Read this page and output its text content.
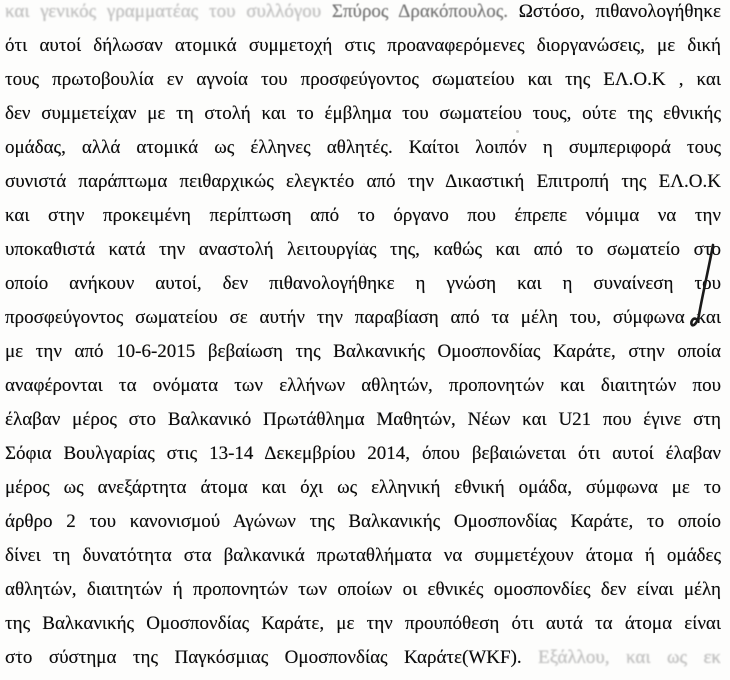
και γενικός γραμματέας του συλλόγου Σπύρος Δρακόπουλος. Ωστόσο, πιθανολογήθηκε
ότι αυτοί δήλωσαν ατομικά συμμετοχή στις προαναφερόμενες διοργανώσεις, με δική
τους πρωτοβουλία εν αγνοία του προσφεύγοντος σωματείου και της ΕΛ.Ο.Κ , και
δεν συμμετείχαν με τη στολή και το έμβλημα του σωματείου τους, ούτε της εθνικής
ομάδας, αλλά ατομικά ως έλληνες αθλητές. Καίτοι λοιπόν η συμπεριφορά τους
συνιστά παράπτωμα πειθαρχικώς ελεγκτέο από την Δικαστική Επιτροπή της ΕΛ.Ο.Κ
και στην προκειμένη περίπτωση από το όργανο που έπρεπε νόμιμα να την
υποκαθιστά κατά την αναστολή λειτουργίας της, καθώς και από το σωματείο στο
οποίο ανήκουν αυτοί, δεν πιθανολογήθηκε η γνώση και η συναίνεση του
προσφεύγοντος σωματείου σε αυτήν την παραβίαση από τα μέλη του, σύμφωνα και
με την από 10-6-2015 βεβαίωση της Βαλκανικής Ομοσπονδίας Καράτε, στην οποία
αναφέρονται τα ονόματα των ελλήνων αθλητών, προπονητών και διαιτητών που
έλαβαν μέρος στο Βαλκανικό Πρωτάθλημα Μαθητών, Νέων και U21 που έγινε στη
Σόφια Βουλγαρίας στις 13-14 Δεκεμβρίου 2014, όπου βεβαιώνεται ότι αυτοί έλαβαν
μέρος ως ανεξάρτητα άτομα και όχι ως ελληνική εθνική ομάδα, σύμφωνα με το
άρθρο 2 του κανονισμού Αγώνων της Βαλκανικής Ομοσπονδίας Καράτε, το οποίο
δίνει τη δυνατότητα στα βαλκανικά πρωταθλήματα να συμμετέχουν άτομα ή ομάδες
αθλητών, διαιτητών ή προπονητών των οποίων οι εθνικές ομοσπονδίες δεν είναι μέλη
της Βαλκανικής Ομοσπονδίας Καράτε, με την προυπόθεση ότι αυτά τα άτομα είναι
στο σύστημα της Παγκόσμιας Ομοσπονδίας Καράτε(WKF). Εξάλλου, και ως εκ
